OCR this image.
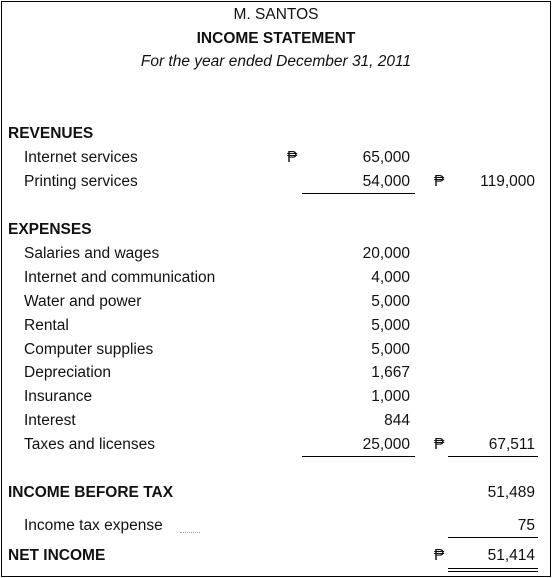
M. SANTOS
INCOME STATEMENT
For the year ended December 31, 2011
REVENUES
Internet services	₱	65,000
Printing services	54,000 ₱ 119,000
EXPENSES
Salaries and wages	20,000
Internet and communication	4,000
Water and power	5,000
Rental	5,000
Computer supplies	5,000
Depreciation	1,667
Insurance	1,000
Interest	844
Taxes and licenses	25,000 ₱	67,511
INCOME BEFORE TAX	51,489
Income tax expense	75
NET INCOME	₱	51,414
